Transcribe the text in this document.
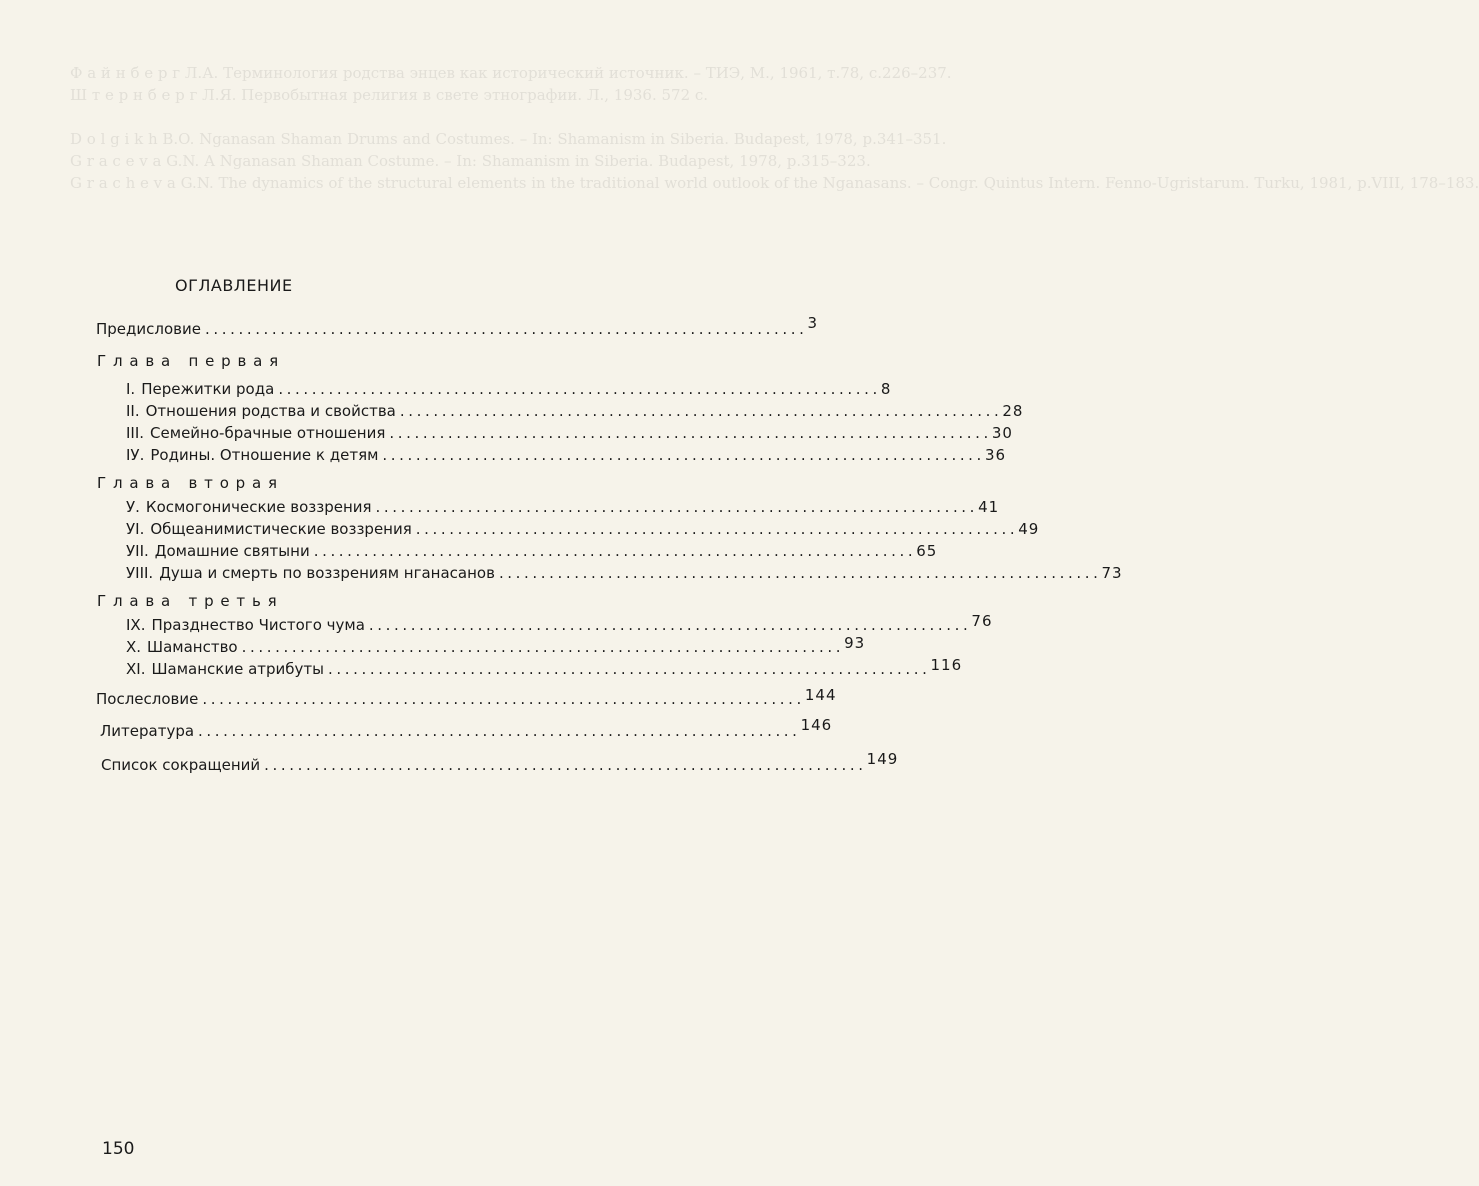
Ф а й н б е р г Л.А. Терминология родства энцев как исторический источник. – ТИЭ, М., 1961, т.78, с.226–237.
Ш т е р н б е р г Л.Я. Первобытная религия в свете этнографии. Л., 1936. 572 с.

D o l g i k h B.O. Nganasan Shaman Drums and Costumes. – In: Shamanism in Siberia. Budapest, 1978, p.341–351.
G r a c e v a G.N. A Nganasan Shaman Costume. – In: Shamanism in Siberia. Budapest, 1978, p.315–323.
G r a c h e v a G.N. The dynamics of the structural elements in the traditional world outlook of the Nganasans. – Congr. Quintus Intern. Fenno-Ugristarum. Turku, 1981, p.VIII, 178–183.
ОГЛАВЛЕНИЕ
Предисловие ........................................................................ 3
Глава первая
I. Пережитки рода ........................................................................ 8
II. Отношения родства и свойства ........................................................................ 28
III. Семейно-брачные отношения ........................................................................ 30
IУ. Родины. Отношение к детям ........................................................................ 36
Глава вторая
У. Космогонические воззрения ........................................................................ 41
УI. Общеанимистические воззрения ........................................................................ 49
УII. Домашние святыни ........................................................................ 65
УIII. Душа и смерть по воззрениям нганасанов ........................................................................ 73
Глава третья
IX. Празднество Чистого чума ........................................................................ 76
X. Шаманство ........................................................................ 93
XI. Шаманские атрибуты ........................................................................ 116
Послесловие ........................................................................ 144
Литература ........................................................................ 146
Список сокращений ........................................................................ 149
150
